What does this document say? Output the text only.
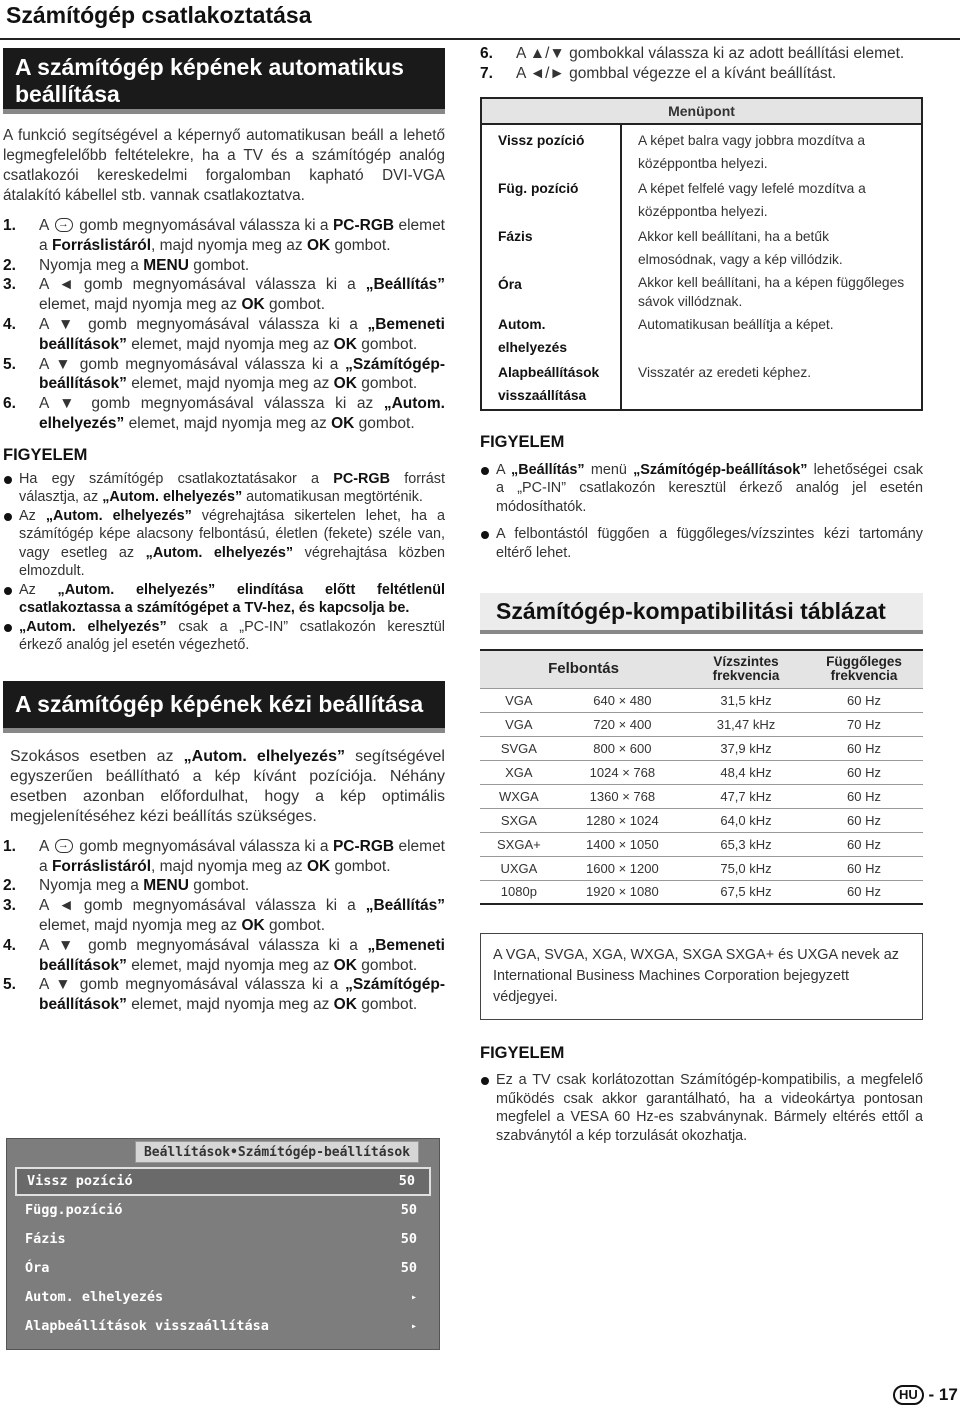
Számítógép csatlakoztatása
A számítógép képének automatikus beállítása

A funkció segítségével a képernyő automatikusan beáll a lehető legmegfelelőbb feltételekre, ha a TV és a számítógép analóg csatlakozói kereskedelmi forgalomban kapható DVI-VGA átalakító kábellel stb. vannak csatlakoztatva.

1. A → gomb megnyomásával válassza ki a PC-RGB elemet a Forráslistáról, majd nyomja meg az OK gombot.
2. Nyomja meg a MENU gombot.
3. A ◄ gomb megnyomásával válassza ki a „Beállítás” elemet, majd nyomja meg az OK gombot.
4. A ▼ gomb megnyomásával válassza ki a „Bemeneti beállítások” elemet, majd nyomja meg az OK gombot.
5. A ▼ gomb megnyomásával válassza ki a „Számítógép-beállítások” elemet, majd nyomja meg az OK gombot.
6. A ▼ gomb megnyomásával válassza ki az „Autom. elhelyezés” elemet, majd nyomja meg az OK gombot.
FIGYELEM
Ha egy számítógép csatlakoztatásakor a PC-RGB forrást választja, az „Autom. elhelyezés” automatikusan megtörténik.
Az „Autom. elhelyezés” végrehajtása sikertelen lehet, ha a számítógép képe alacsony felbontású, életlen (fekete) széle van, vagy esetleg az „Autom. elhelyezés” végrehajtása közben elmozdult.
Az „Autom. elhelyezés” elindítása előtt feltétlenül csatlakoztassa a számítógépet a TV-hez, és kapcsolja be.
„Autom. elhelyezés” csak a „PC-IN” csatlakozón keresztül érkező analóg jel esetén végezhető.
A számítógép képének kézi beállítása

Szokásos esetben az „Autom. elhelyezés” segítségével egyszerűen beállítható a kép kívánt pozíciója. Néhány esetben azonban előfordulhat, hogy a kép optimális megjelenítéséhez kézi beállítás szükséges.

1. A → gomb megnyomásával válassza ki a PC-RGB elemet a Forráslistáról, majd nyomja meg az OK gombot.
2. Nyomja meg a MENU gombot.
3. A ◄ gomb megnyomásával válassza ki a „Beállítás” elemet, majd nyomja meg az OK gombot.
4. A ▼ gomb megnyomásával válassza ki a „Bemeneti beállítások” elemet, majd nyomja meg az OK gombot.
5. A ▼ gomb megnyomásával válassza ki a „Számítógép-beállítások” elemet, majd nyomja meg az OK gombot.
Beállítások•Számítógép-beállítások
Vissz pozíció	50
Függ.pozíció	50
Fázis	50
Óra	50
Autom. elhelyezés	▸
Alapbeállítások visszaállítása	▸
6. A ▲/▼ gombokkal válassza ki az adott beállítási elemet.
7. A ◄/► gombbal végezze el a kívánt beállítást.
Menüpont	
Vissz pozíció	A képet balra vagy jobbra mozdítva a középpontba helyezi.
Füg. pozíció	A képet felfelé vagy lefelé mozdítva a középpontba helyezi.
Fázis	Akkor kell beállítani, ha a betűk elmosódnak, vagy a kép villódzik.
Óra	Akkor kell beállítani, ha a képen függőleges sávok villódznak.
Autom. elhelyezés	Automatikusan beállítja a képet.
Alapbeállítások visszaállítása	Visszatér az eredeti képhez.
FIGYELEM
A „Beállítás” menü „Számítógép-beállítások” lehetőségei csak a „PC-IN” csatlakozón keresztül érkező analóg jel esetén módosíthatók.
A felbontástól függően a függőleges/vízszintes kézi tartomány eltérő lehet.
Számítógép-kompatibilitási táblázat
Felbontás		Vízszintes frekvencia	Függőleges frekvencia
VGA	640 × 480	31,5 kHz	60 Hz
VGA	720 × 400	31,47 kHz	70 Hz
SVGA	800 × 600	37,9 kHz	60 Hz
XGA	1024 × 768	48,4 kHz	60 Hz
WXGA	1360 × 768	47,7 kHz	60 Hz
SXGA	1280 × 1024	64,0 kHz	60 Hz
SXGA+	1400 × 1050	65,3 kHz	60 Hz
UXGA	1600 × 1200	75,0 kHz	60 Hz
1080p	1920 × 1080	67,5 kHz	60 Hz
A VGA, SVGA, XGA, WXGA, SXGA SXGA+ és UXGA nevek az International Business Machines Corporation bejegyzett védjegyei.
FIGYELEM
Ez a TV csak korlátozottan Számítógép-kompatibilis, a megfelelő működés csak akkor garantálható, ha a videokártya pontosan megfelel a VESA 60 Hz-es szabványnak. Bármely eltérés ettől a szabványtól a kép torzulását okozhatja.
HU - 17
